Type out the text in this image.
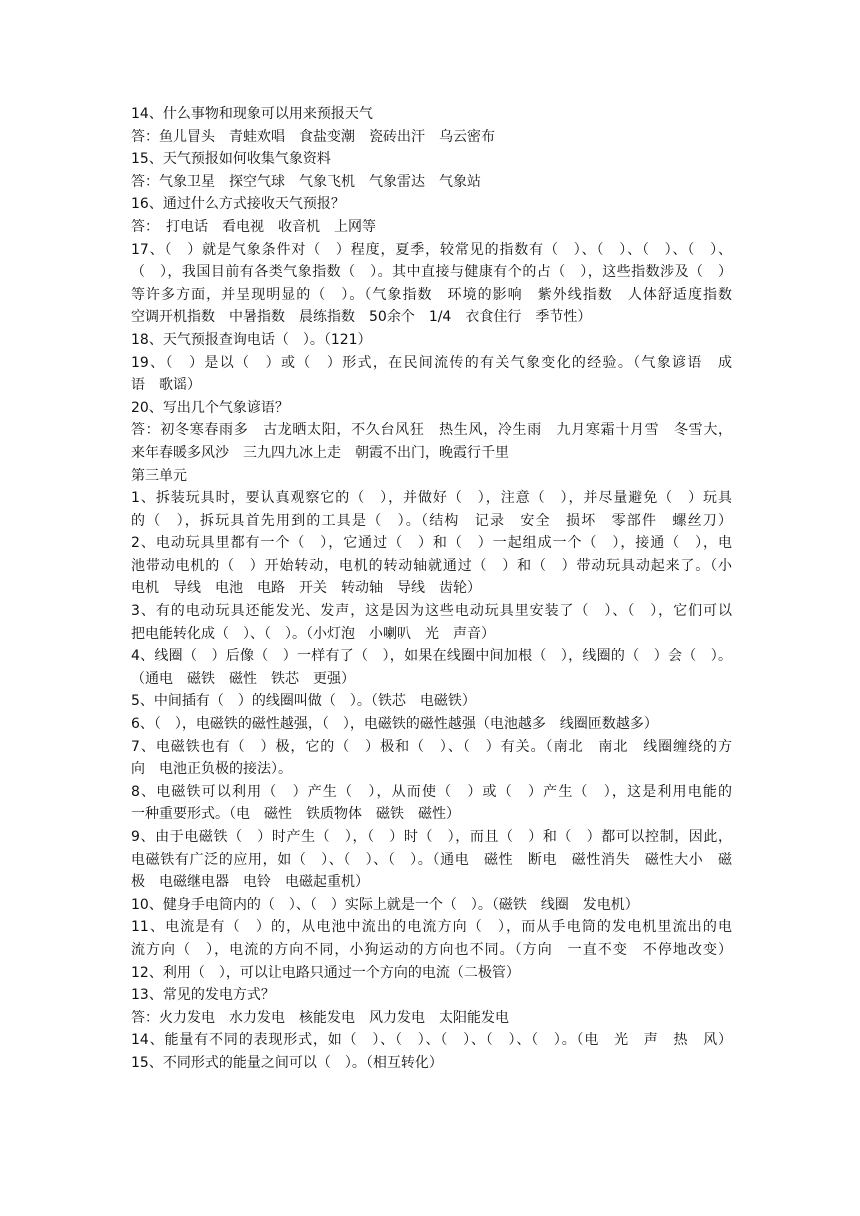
14、什么事物和现象可以用来预报天气
答：鱼儿冒头　青蛙欢唱　食盐变潮　瓷砖出汗　乌云密布
15、天气预报如何收集气象资料
答：气象卫星　探空气球　气象飞机　气象雷达　气象站
16、通过什么方式接收天气预报？
答：　打电话　看电视　收音机　上网等
17、（　）就是气象条件对（　）程度，夏季，较常见的指数有（　）、（　）、（　）、（　）、
（　），我国目前有各类气象指数（　）。其中直接与健康有个的占（　），这些指数涉及（　）
等许多方面，并呈现明显的（　）。（气象指数　环境的影响　紫外线指数　人体舒适度指数
空调开机指数　中暑指数　晨练指数　50余个　1/4　衣食住行　季节性）
18、天气预报查询电话（　）。（121）
19、（　）是以（　）或（　）形式，在民间流传的有关气象变化的经验。（气象谚语　成
语　歌谣）
20、写出几个气象谚语？
答：初冬寒春雨多　古龙晒太阳，不久台风狂　热生风，冷生雨　九月寒霜十月雪　冬雪大，
来年春暖多风沙　三九四九冰上走　朝霞不出门，晚霞行千里
第三单元
1、拆装玩具时，要认真观察它的（　），并做好（　），注意（　），并尽量避免（　）玩具
的（　），拆玩具首先用到的工具是（　）。（结构　记录　安全　损坏　零部件　螺丝刀）
2、电动玩具里都有一个（　），它通过（　）和（　）一起组成一个（　），接通（　），电
池带动电机的（　）开始转动，电机的转动轴就通过（　）和（　）带动玩具动起来了。（小
电机　导线　电池　电路　开关　转动轴　导线　齿轮）
3、有的电动玩具还能发光、发声，这是因为这些电动玩具里安装了（　）、（　），它们可以
把电能转化成（　）、（　）。（小灯泡　小喇叭　光　声音）
4、线圈（　）后像（　）一样有了（　），如果在线圈中间加根（　），线圈的（　）会（　）。
（通电　磁铁　磁性　铁芯　更强）
5、中间插有（　）的线圈叫做（　）。（铁芯　电磁铁）
6、（　），电磁铁的磁性越强，（　），电磁铁的磁性越强（电池越多　线圈匝数越多）
7、电磁铁也有（　）极，它的（　）极和（　）、（　）有关。（南北　南北　线圈缠绕的方
向　电池正负极的接法）。
8、电磁铁可以利用（　）产生（　），从而使（　）或（　）产生（　），这是利用电能的
一种重要形式。（电　磁性　铁质物体　磁铁　磁性）
9、由于电磁铁（　）时产生（　），（　）时（　），而且（　）和（　）都可以控制，因此，
电磁铁有广泛的应用，如（　）、（　）、（　）。（通电　磁性　断电　磁性消失　磁性大小　磁
极　电磁继电器　电铃　电磁起重机）
10、健身手电筒内的（　）、（　）实际上就是一个（　）。（磁铁　线圈　发电机）
11、电流是有（　）的，从电池中流出的电流方向（　），而从手电筒的发电机里流出的电
流方向（　），电流的方向不同，小狗运动的方向也不同。（方向　一直不变　不停地改变）
12、利用（　），可以让电路只通过一个方向的电流（二极管）
13、常见的发电方式？
答：火力发电　水力发电　核能发电　风力发电　太阳能发电
14、能量有不同的表现形式，如（　）、（　）、（　）、（　）、（　）。（电　光　声　热　风）
15、不同形式的能量之间可以（　）。（相互转化）
